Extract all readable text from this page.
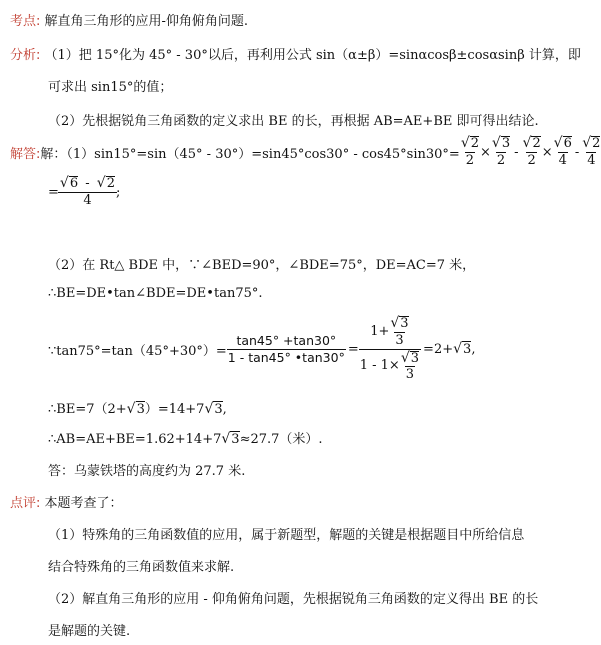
考点: 解直角三角形的应用-仰角俯角问题.
分析: （1）把 15°化为 45° - 30°以后，再利用公式 sin（α±β）=sinαcosβ±cosαsinβ 计算，即
可求出 sin15°的值；
（2）先根据锐角三角函数的定义求出 BE 的长，再根据 AB=AE+BE 即可得出结论.
解答: 解：$(1)\sin 15^\circ=\sin(45^\circ - 30^\circ)=\sin 45^\circ\cos 30^\circ - \cos 45^\circ\sin 30^\circ= \frac{√2}{2} \times \frac{√3}{2} - \frac{√2}{2} \times \frac{√6}{4} - \frac{√2}{4}$
= $\frac{√6 - √2}{4}$ ;
（2）在 Rt△ BDE 中，∵∠BED=90°，∠BDE=75°，DE=AC=7 米，
∴BE=DE•tan∠BDE=DE•tan75°.
∵tan75°=tan（45°+30°）= $\frac{\tan 45^\circ +\tan 30^\circ}{1 - \tan 45^\circ •\tan 30^\circ} = \frac{1+ \frac{√3}{3}}{1 - 1\times \frac{√3}{3}} = 2+$ √ 3 ,
∴BE=7（2+√3）=14+7√3,
∴AB=AE+BE=1.62+14+7√3≈27.7（米）.
答：乌蒙铁塔的高度约为 27.7 米.
点评: 本题考查了：
（1）特殊角的三角函数值的应用，属于新题型，解题的关键是根据题目中所给信息
结合特殊角的三角函数值来求解.
（2）解直角三角形的应用 - 仰角俯角问题，先根据锐角三角函数的定义得出 BE 的长
是解题的关键.
